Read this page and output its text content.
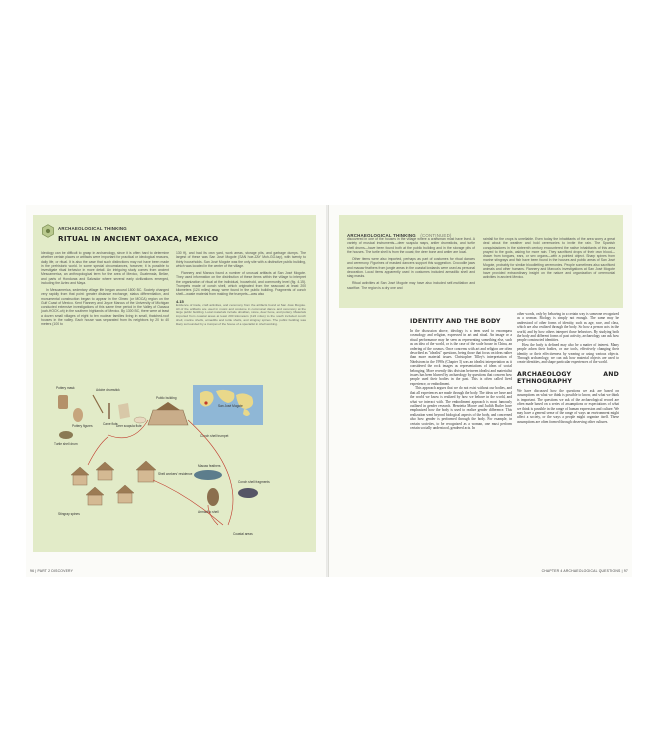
ARCHAEOLOGICAL THINKING
RITUAL IN ANCIENT OAXACA, MEXICO

Ideology can be difficult to grasp in archaeology, since it is often hard to determine whether certain places or artifacts were important for practical or ideological reasons, daily life, or ritual. It is also the case that such distinctions may not have been made in the prehistoric world. In some special circumstances, however, it is possible to investigate ritual behavior in more detail. An intriguing study comes from ancient Mesoamerica, an anthropological term for the area of Mexico, Guatemala, Belize, and parts of Honduras and Salvador where several early civilizations emerged, including the Aztec and Maya.

In Mesoamerica, sedentary village life began around 1800 BC. Society changed very rapidly from that point: greater distance exchange, status differentiation, and monumental construction began to appear in the Olmec (or MOCA) region on the Gulf Coast of Mexico. Kent Flannery and Joyce Marcus of the University of Michigan conducted extensive investigations of this same time period in the Valley of Oaxaca (oah-HOCK-uh) in the southern highlands of Mexico. By 1300 BC, there were at least a dozen small villages of eight to ten nuclear families living in small, thatched-roof houses in the valley. Each house was separated from its neighbors by 20 to 40 meters (100 to

130 ft), and had its own yard, work areas, storage pits, and garbage dumps. The largest of these was San José Mogote (SAN hoe-ZAY Moh-GO-tay), with twenty to thirty households. San José Mogote was the only site with a distinctive public building, which was located in the center of the village.

Flannery and Marcus found a number of unusual artifacts at San José Mogote. They used information on the distribution of these items within the village to interpret the organization of ritual at the individual, household, and community level (fig. 4.15). Trumpets made of conch shell, which originated from the seacoast at least 200 kilometers (124 miles) away, were found in the public building. Fragments of conch shell—waste material from making the trumpets—was also

4.15
Evidence of trade, craft activities, and ceremony from the artifacts found at San José Mogote. All of the artifacts are used in music and costume in communal dance and ceremony at the large public building. Local materials include obsidian, stone, deer bone, and pottery. Materials imported from coastal areas at least 200 kilometers (124 miles) to the south included conch shell, marine shells, armadillo and turtle shells, and stingray spines. The public building was likely surrounded by a trumpet of the house of a specialist in shell working.
San José Mogote
Public building
Conch shell trumpet
Pottery mask
Pottery figures
Adobe drumstick
Cane flute
Deer scapula flute
Turtle shell drum
Shell workers' residence
Stingray spines
Macaw feathers
Armadillo shell
Conch shell fragments
Coastal areas
96 | PART 2 DISCOVERY
ARCHAEOLOGICAL THINKING (CONTINUED)

discovered in one of the houses in the village where a craftsman must have lived. A variety of musical instruments—deer scapula rasps, antler drumsticks, and turtle shell drums—have been found both at the public building and in the storage pits of the houses. The turtle shell is from the coast; the deer bone and antler are local.

Other items were also imported, perhaps as part of costumes for ritual dances and ceremony. Figurines of masked dancers support this suggestion. Crocodile jaws and macaw feathers from jungle areas in the coastal lowlands were used as personal decoration. Local items apparently used in costumes included armadillo shell and stag masks.

Ritual activities at San José Mogote may have also included self-mutilation and sacrifice. The region is a dry one and

rainfall for the crops is unreliable. Even today the inhabitants of the area worry a great deal about the weather and hold ceremonies to invite the rain. The Spanish conquistadores in the sixteenth century encountered the native inhabitants of this area prayed to the gods, asking for more rain. They sacrificed drops of their own blood—drawn from tongues, ears, or sex organs—with a pointed object. Sharp spines from marine stingrays and fish have been found in the houses and public areas of San José Mogote, probably for similar bloodletting ceremonies. People sometimes also sacrificed animals and other humans. Flannery and Marcus's investigations at San José Mogote have provided extraordinary insight on the nature and organization of ceremonial activities in ancient Mexico.

IDENTITY AND THE BODY

In the discussion above, ideology is a term used to encompass cosmology and religion, expressed in art and ritual. An image or a ritual performance may be seen as representing something else, such as an idea of the world, or is the case of the scale house in China, an ordering of the cosmos. Once concerns with art and religion are often described as "idealist" questions, being those that focus on ideas rather than more material issues. Christopher Tilley's interpretation of Närdstrom in the 1990s (Chapter 3) was an idealist interpretation as it considered the rock images as representations of ideas of social belonging. More recently this division between idealist and materialist issues has been blurred by archaeology by questions that concern how people used their bodies in the past. This is often called lived experience, or embodiment.

This approach argues that we do not exist without our bodies, and that all experiences are made through the body. The ideas we have and the world we know is realized by how we behave in the world, and what we interact with. The embodiment approach is most famously outlined in gender research. Henrietta Moore and Judith Butler have emphasized how the body is used to realize gender difference. This realization went beyond biological aspects of the body, and concerned also how gender is performed through the body. For example, in certain societies, to be recognized as a woman, one must perform certain socially understood, gendered acts. In

other words, only by behaving in a certain way is someone recognized as a woman. Biology is simply not enough. The same may be understood of other forms of identity, such as age, race, and class, which are also realized through the body. So how a person acts in the world, and by how others interpret those behaviors. By studying both the body and different forms of past activity, archaeology can ask how people constructed identities.

How the body is defined may also be a matter of interest. Many people adorn their bodies, or use tools, effectively changing their identity or their effectiveness by wearing or using various objects. Through archaeology, we can ask how material objects are used to create identities, and shape particular experiences of the world.

ARCHAEOLOGY AND ETHNOGRAPHY

We have discussed how the questions we ask are based on assumptions on what we think is possible to know, and what we think is important. The questions we ask of the archaeological record are often made based on a series of assumptions or expectations of what we think is possible in the range of human expression and culture. We may have a general sense of the range of ways an environment might affect a society, or the ways a people might organize itself. These assumptions are often formed through observing other cultures.

CHAPTER 4 ARCHAEOLOGICAL QUESTIONS | 97
